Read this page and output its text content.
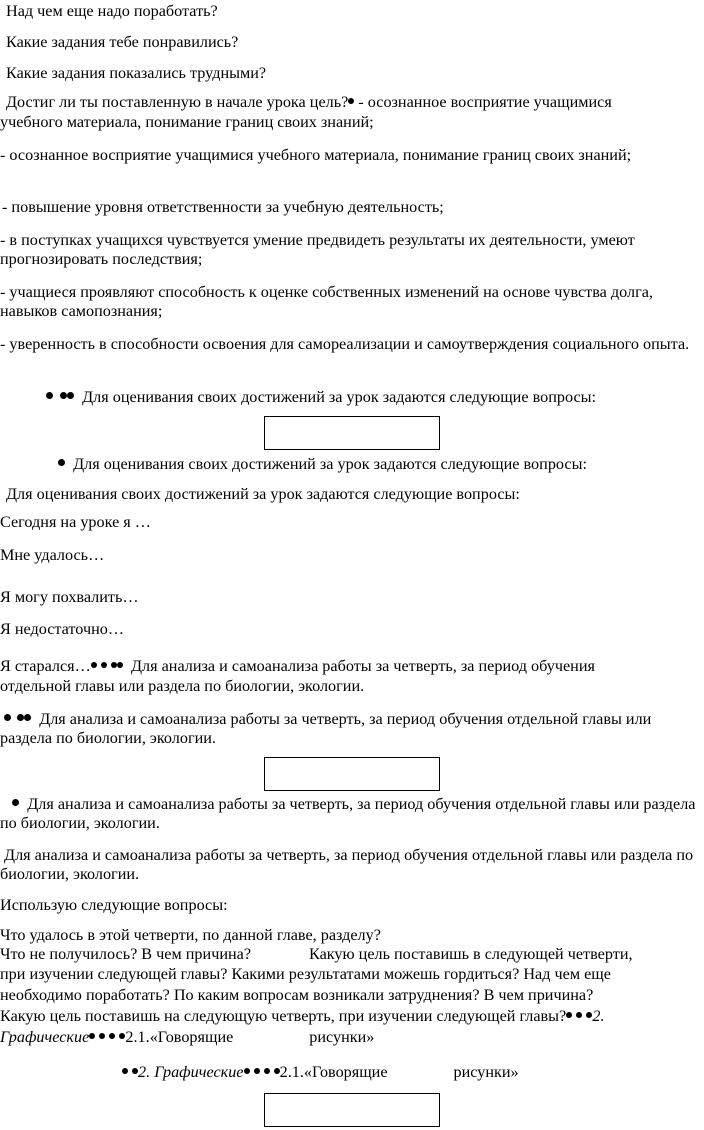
Над чем еще надо поработать?
Какие задания тебе понравились?
Какие задания показались трудными?
Достиг ли ты поставленную в начале урока цель? - осознанное восприятие учащимися
учебного материала, понимание границ своих знаний;
- осознанное восприятие учащимися учебного материала, понимание границ своих знаний;
- повышение уровня ответственности за учебную деятельность;
- в поступках учащихся чувствуется умение предвидеть результаты их деятельности, умеют прогнозировать последствия;
- учащиеся проявляют способность к оценке собственных изменений на основе чувства долга, навыков самопознания;
- уверенность в способности освоения для самореализации и самоутверждения социального опыта.
Для оценивания своих достижений за урок задаются следующие вопросы:
Для оценивания своих достижений за урок задаются следующие вопросы:
Для оценивания своих достижений за урок задаются следующие вопросы:
Сегодня на уроке я …
Мне удалось…
Я могу похвалить…
Я недостаточно…
Я старался… Для анализа и самоанализа работы за четверть, за период обучения
отдельной главы или раздела по биологии, экологии.
Для анализа и самоанализа работы за четверть, за период обучения отдельной главы или раздела по биологии, экологии.
Для анализа и самоанализа работы за четверть, за период обучения отдельной главы или раздела по биологии, экологии.
Для анализа и самоанализа работы за четверть, за период обучения отдельной главы или раздела по биологии, экологии.
Использую следующие вопросы:
Что удалось в этой четверти, по данной главе, разделу?
Что не получилось? В чем причина?	Какую цель поставишь в следующей четверти,
при изучении следующей главы? Какими результатами можешь гордиться? Над чем еще
необходимо поработать? По каким вопросам возникали затруднения? В чем причина?
Какую цель поставишь на следующую четверть, при изучении следующей главы? 2.
Графические 2.1.«Говорящие	рисунки»
2. Графические 2.1.«Говорящие	рисунки»
